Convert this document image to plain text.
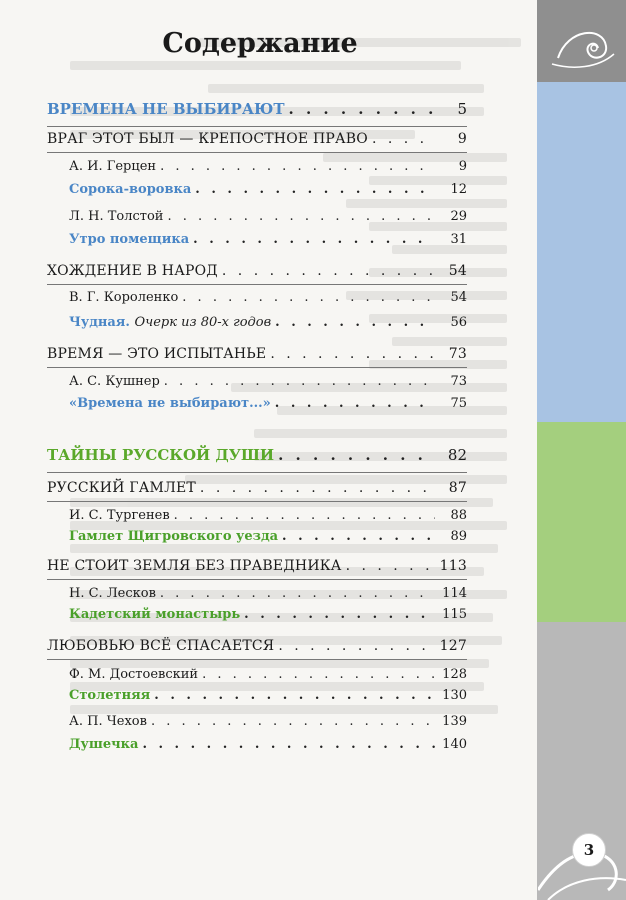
3
Содержание
ВРЕМЕНА НЕ ВЫБИРАЮТ . . .	5
ВРАГ ЭТОТ БЫЛ — КРЕПОСТНОЕ ПРАВО . . .	9
А. И. Герцен . . .	9
Сорока-воровка . . .	12
Л. Н. Толстой . . .	29
Утро помещика . . .	31
ХОЖДЕНИЕ В НАРОД . . .	54
В. Г. Короленко . . .	54
Чудная. Очерк из 80-х годов . . .	56
ВРЕМЯ — ЭТО ИСПЫТАНЬЕ . . .	73
А. С. Кушнер . . .	73
«Времена не выбирают...» . . .	75
ТАЙНЫ РУССКОЙ ДУШИ . . .	82
РУССКИЙ ГАМЛЕТ . . .	87
И. С. Тургенев . . .	88
Гамлет Щигровского уезда . . .	89
НЕ СТОИТ ЗЕМЛЯ БЕЗ ПРАВЕДНИКА . . .	113
Н. С. Лесков . . .	114
Кадетский монастырь . . .	115
ЛЮБОВЬЮ ВСЁ СПАСАЕТСЯ . . .	127
Ф. М. Достоевский . . .	128
Столетняя . . .	130
А. П. Чехов . . .	139
Душечка . . .	140
